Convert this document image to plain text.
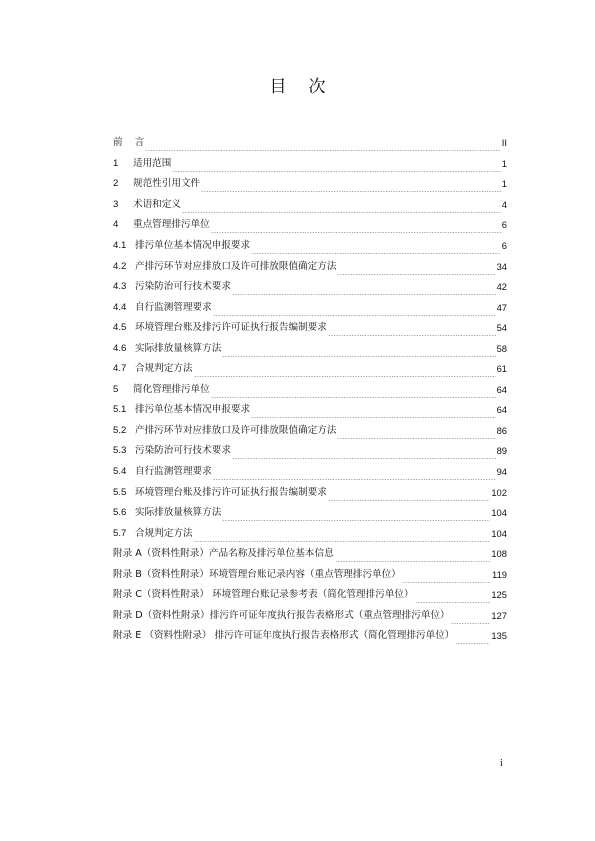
目 次
前 言	II
1 适用范围	1
2 规范性引用文件	1
3 术语和定义	4
4 重点管理排污单位	6
4.1 排污单位基本情况申报要求	6
4.2 产排污环节对应排放口及许可排放限值确定方法	34
4.3 污染防治可行技术要求	42
4.4 自行监测管理要求	47
4.5 环境管理台账及排污许可证执行报告编制要求	54
4.6 实际排放量核算方法	58
4.7 合规判定方法	61
5 简化管理排污单位	64
5.1 排污单位基本情况申报要求	64
5.2 产排污环节对应排放口及许可排放限值确定方法	86
5.3 污染防治可行技术要求	89
5.4 自行监测管理要求	94
5.5 环境管理台账及排污许可证执行报告编制要求	102
5.6 实际排放量核算方法	104
5.7 合规判定方法	104
附录 A（资料性附录）产品名称及排污单位基本信息	108
附录 B（资料性附录）环境管理台账记录内容（重点管理排污单位）	119
附录 C（资料性附录） 环境管理台账记录参考表（简化管理排污单位）	125
附录 D（资料性附录）排污许可证年度执行报告表格形式（重点管理排污单位）	127
附录 E （资料性附录） 排污许可证年度执行报告表格形式（简化管理排污单位）	135
i
